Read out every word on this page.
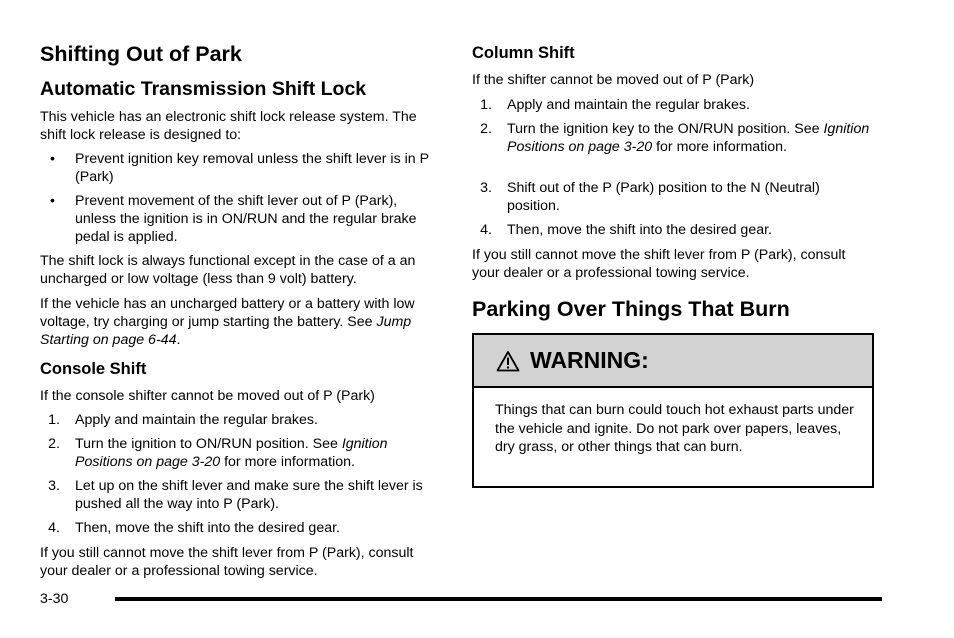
Shifting Out of Park
Automatic Transmission Shift Lock

This vehicle has an electronic shift lock release system. The shift lock release is designed to:

•	Prevent ignition key removal unless the shift lever is in P (Park)
•	Prevent movement of the shift lever out of P (Park), unless the ignition is in ON/RUN and the regular brake pedal is applied.

The shift lock is always functional except in the case of a an uncharged or low voltage (less than 9 volt) battery.

If the vehicle has an uncharged battery or a battery with low voltage, try charging or jump starting the battery. See Jump Starting on page 6-44.

Console Shift

If the console shifter cannot be moved out of P (Park)

1. Apply and maintain the regular brakes.
2. Turn the ignition to ON/RUN position. See Ignition Positions on page 3-20 for more information.
3. Let up on the shift lever and make sure the shift lever is pushed all the way into P (Park).
4. Then, move the shift into the desired gear.

If you still cannot move the shift lever from P (Park), consult your dealer or a professional towing service.

Column Shift

If the shifter cannot be moved out of P (Park)

1. Apply and maintain the regular brakes.
2. Turn the ignition key to the ON/RUN position. See Ignition Positions on page 3-20 for more information.
3. Shift out of the P (Park) position to the N (Neutral) position.
4. Then, move the shift into the desired gear.

If you still cannot move the shift lever from P (Park), consult your dealer or a professional towing service.

Parking Over Things That Burn
WARNING:
Things that can burn could touch hot exhaust parts under the vehicle and ignite. Do not park over papers, leaves, dry grass, or other things that can burn.
3-30
